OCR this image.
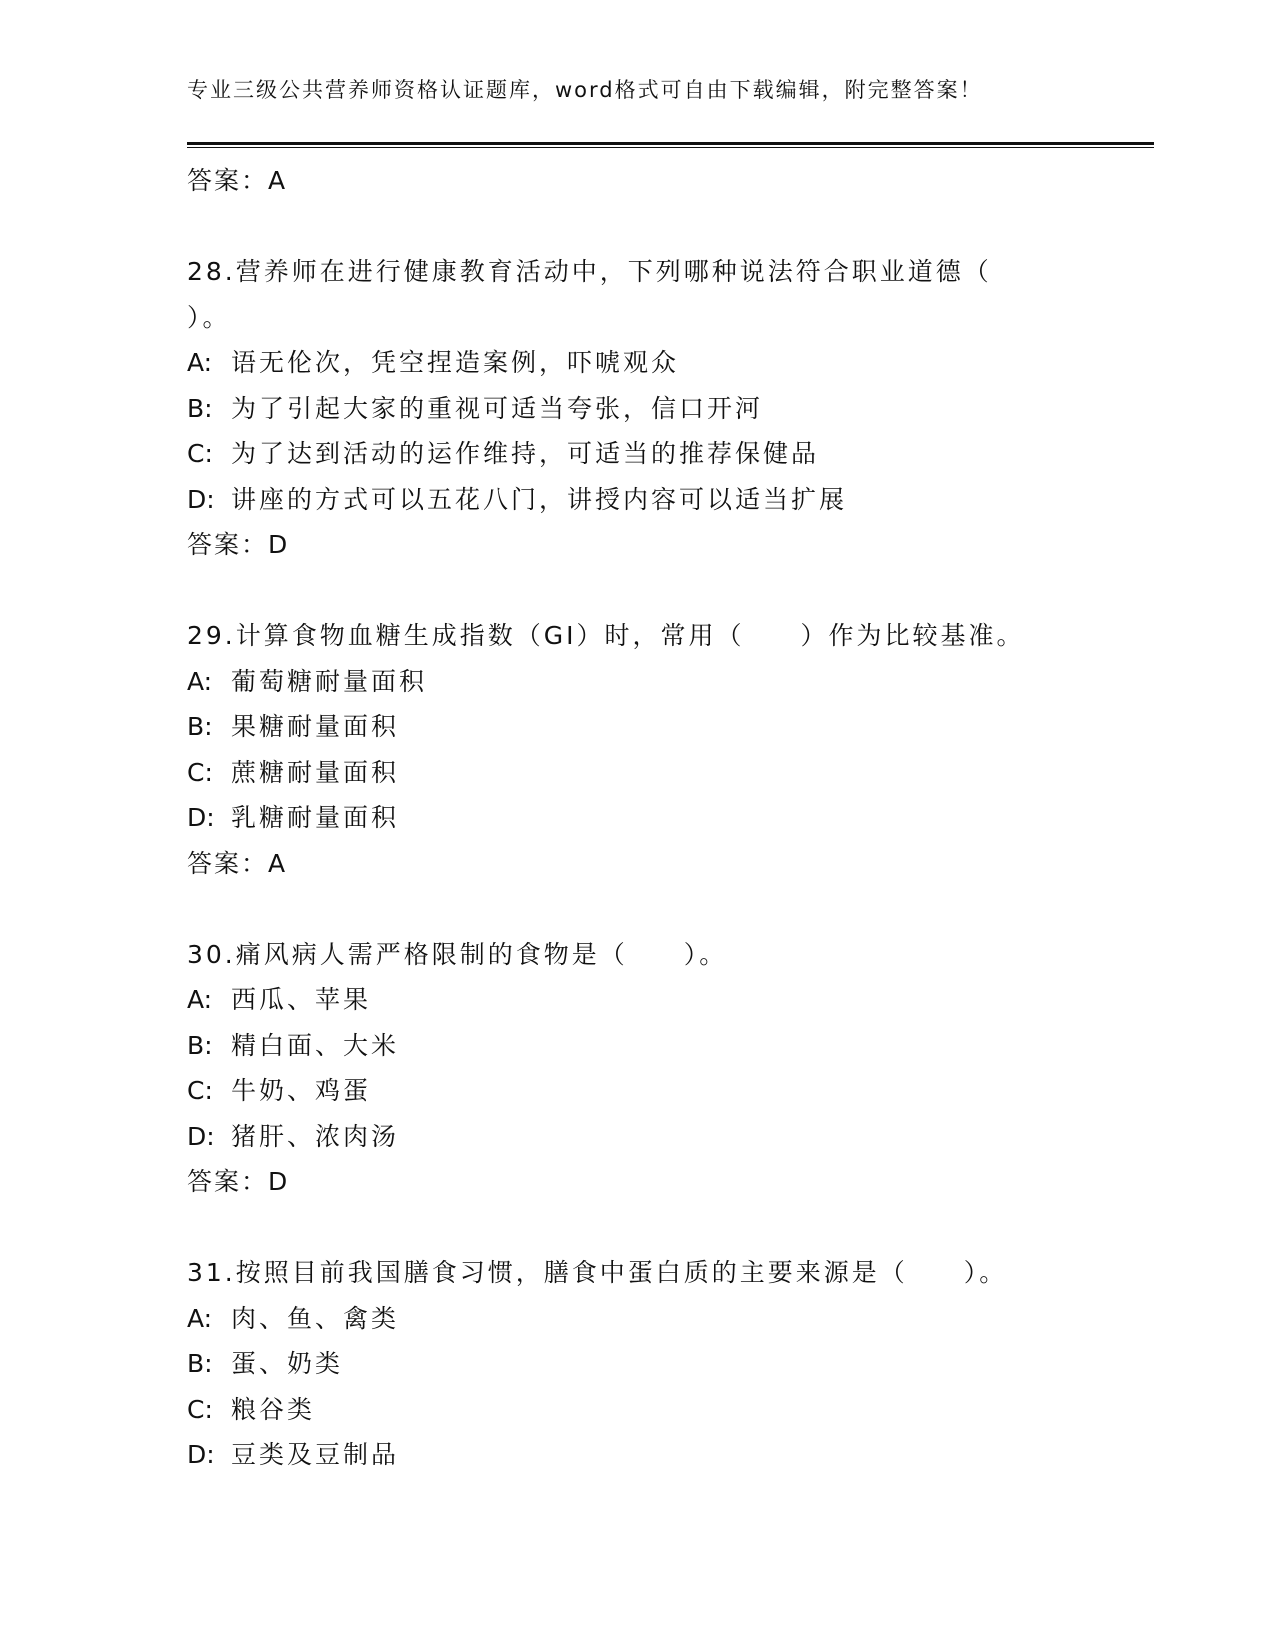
专业三级公共营养师资格认证题库，word格式可自由下载编辑，附完整答案！
答案：A
28.营养师在进行健康教育活动中，下列哪种说法符合职业道德（
）。
A: 语无伦次，凭空捏造案例，吓唬观众
B: 为了引起大家的重视可适当夸张，信口开河
C: 为了达到活动的运作维持，可适当的推荐保健品
D: 讲座的方式可以五花八门，讲授内容可以适当扩展
答案：D
29.计算食物血糖生成指数（GI）时，常用（　　）作为比较基准。
A: 葡萄糖耐量面积
B: 果糖耐量面积
C: 蔗糖耐量面积
D: 乳糖耐量面积
答案：A
30.痛风病人需严格限制的食物是（　　）。
A: 西瓜、苹果
B: 精白面、大米
C: 牛奶、鸡蛋
D: 猪肝、浓肉汤
答案：D
31.按照目前我国膳食习惯，膳食中蛋白质的主要来源是（　　）。
A: 肉、鱼、禽类
B: 蛋、奶类
C: 粮谷类
D: 豆类及豆制品
